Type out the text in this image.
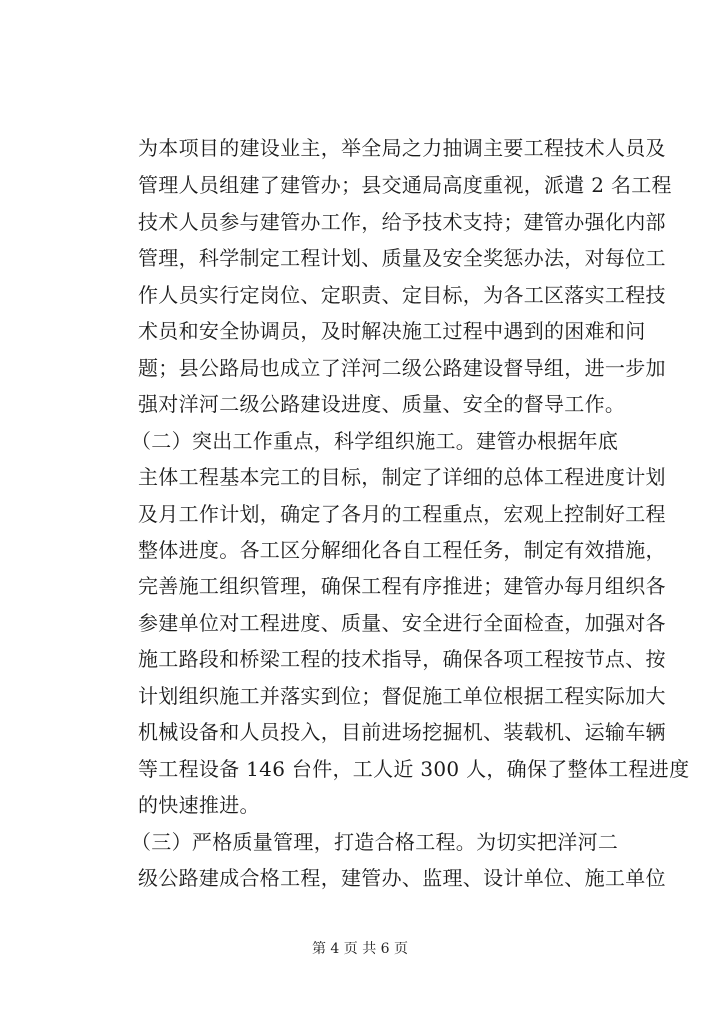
为本项目的建设业主，举全局之力抽调主要工程技术人员及
管理人员组建了建管办；县交通局高度重视，派遣 2 名工程
技术人员参与建管办工作，给予技术支持；建管办强化内部
管理，科学制定工程计划、质量及安全奖惩办法，对每位工
作人员实行定岗位、定职责、定目标，为各工区落实工程技
术员和安全协调员，及时解决施工过程中遇到的困难和问
题；县公路局也成立了洋河二级公路建设督导组，进一步加
强对洋河二级公路建设进度、质量、安全的督导工作。
（二）突出工作重点，科学组织施工。建管办根据年底
主体工程基本完工的目标，制定了详细的总体工程进度计划
及月工作计划，确定了各月的工程重点，宏观上控制好工程
整体进度。各工区分解细化各自工程任务，制定有效措施，
完善施工组织管理，确保工程有序推进；建管办每月组织各
参建单位对工程进度、质量、安全进行全面检查，加强对各
施工路段和桥梁工程的技术指导，确保各项工程按节点、按
计划组织施工并落实到位；督促施工单位根据工程实际加大
机械设备和人员投入，目前进场挖掘机、装载机、运输车辆
等工程设备 146 台件，工人近 300 人，确保了整体工程进度
的快速推进。
（三）严格质量管理，打造合格工程。为切实把洋河二
级公路建成合格工程，建管办、监理、设计单位、施工单位
第 4 页 共 6 页
